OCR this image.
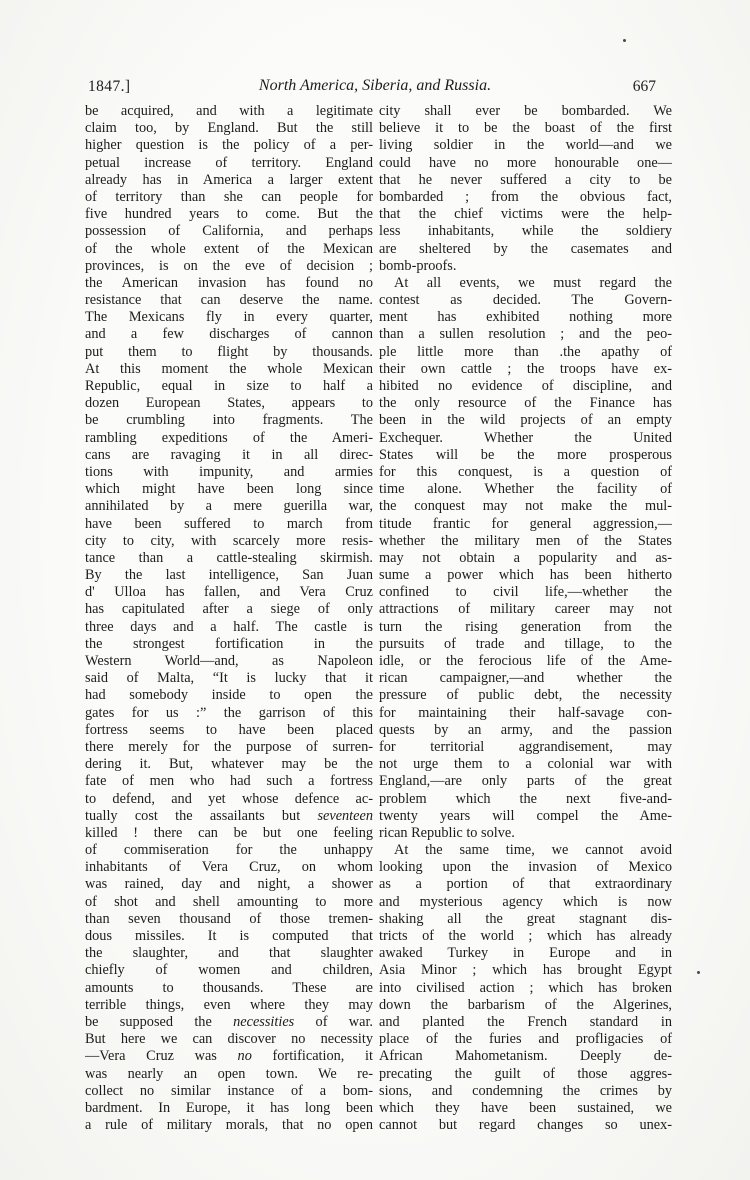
1847.]	North America, Siberia, and Russia.	667
be acquired, and with a legitimate
claim too, by England. But the still
higher question is the policy of a per-
petual increase of territory. England
already has in America a larger extent
of territory than she can people for
five hundred years to come. But the
possession of California, and perhaps
of the whole extent of the Mexican
provinces, is on the eve of decision ;
the American invasion has found no
resistance that can deserve the name.
The Mexicans fly in every quarter,
and a few discharges of cannon
put them to flight by thousands.
At this moment the whole Mexican
Republic, equal in size to half a
dozen European States, appears to
be crumbling into fragments. The
rambling expeditions of the Ameri-
cans are ravaging it in all direc-
tions with impunity, and armies
which might have been long since
annihilated by a mere guerilla war,
have been suffered to march from
city to city, with scarcely more resis-
tance than a cattle-stealing skirmish.
By the last intelligence, San Juan
d' Ulloa has fallen, and Vera Cruz
has capitulated after a siege of only
three days and a half. The castle is
the strongest fortification in the
Western World—and, as Napoleon
said of Malta, “It is lucky that it
had somebody inside to open the
gates for us :” the garrison of this
fortress seems to have been placed
there merely for the purpose of surren-
dering it. But, whatever may be the
fate of men who had such a fortress
to defend, and yet whose defence ac-
tually cost the assailants but seventeen
killed ! there can be but one feeling
of commiseration for the unhappy
inhabitants of Vera Cruz, on whom
was rained, day and night, a shower
of shot and shell amounting to more
than seven thousand of those tremen-
dous missiles. It is computed that
the slaughter, and that slaughter
chiefly of women and children,
amounts to thousands. These are
terrible things, even where they may
be supposed the necessities of war.
But here we can discover no necessity
—Vera Cruz was no fortification, it
was nearly an open town. We re-
collect no similar instance of a bom-
bardment. In Europe, it has long been
a rule of military morals, that no open
city shall ever be bombarded. We
believe it to be the boast of the first
living soldier in the world—and we
could have no more honourable one—
that he never suffered a city to be
bombarded ; from the obvious fact,
that the chief victims were the help-
less inhabitants, while the soldiery
are sheltered by the casemates and
bomb-proofs.
At all events, we must regard the
contest as decided. The Govern-
ment has exhibited nothing more
than a sullen resolution ; and the peo-
ple little more than .the apathy of
their own cattle ; the troops have ex-
hibited no evidence of discipline, and
the only resource of the Finance has
been in the wild projects of an empty
Exchequer. Whether the United
States will be the more prosperous
for this conquest, is a question of
time alone. Whether the facility of
the conquest may not make the mul-
titude frantic for general aggression,—
whether the military men of the States
may not obtain a popularity and as-
sume a power which has been hitherto
confined to civil life,—whether the
attractions of military career may not
turn the rising generation from the
pursuits of trade and tillage, to the
idle, or the ferocious life of the Ame-
rican campaigner,—and whether the
pressure of public debt, the necessity
for maintaining their half-savage con-
quests by an army, and the passion
for territorial aggrandisement, may
not urge them to a colonial war with
England,—are only parts of the great
problem which the next five-and-
twenty years will compel the Ame-
rican Republic to solve.
At the same time, we cannot avoid
looking upon the invasion of Mexico
as a portion of that extraordinary
and mysterious agency which is now
shaking all the great stagnant dis-
tricts of the world ; which has already
awaked Turkey in Europe and in
Asia Minor ; which has brought Egypt
into civilised action ; which has broken
down the barbarism of the Algerines,
and planted the French standard in
place of the furies and profligacies of
African Mahometanism. Deeply de-
precating the guilt of those aggres-
sions, and condemning the crimes by
which they have been sustained, we
cannot but regard changes so unex-
